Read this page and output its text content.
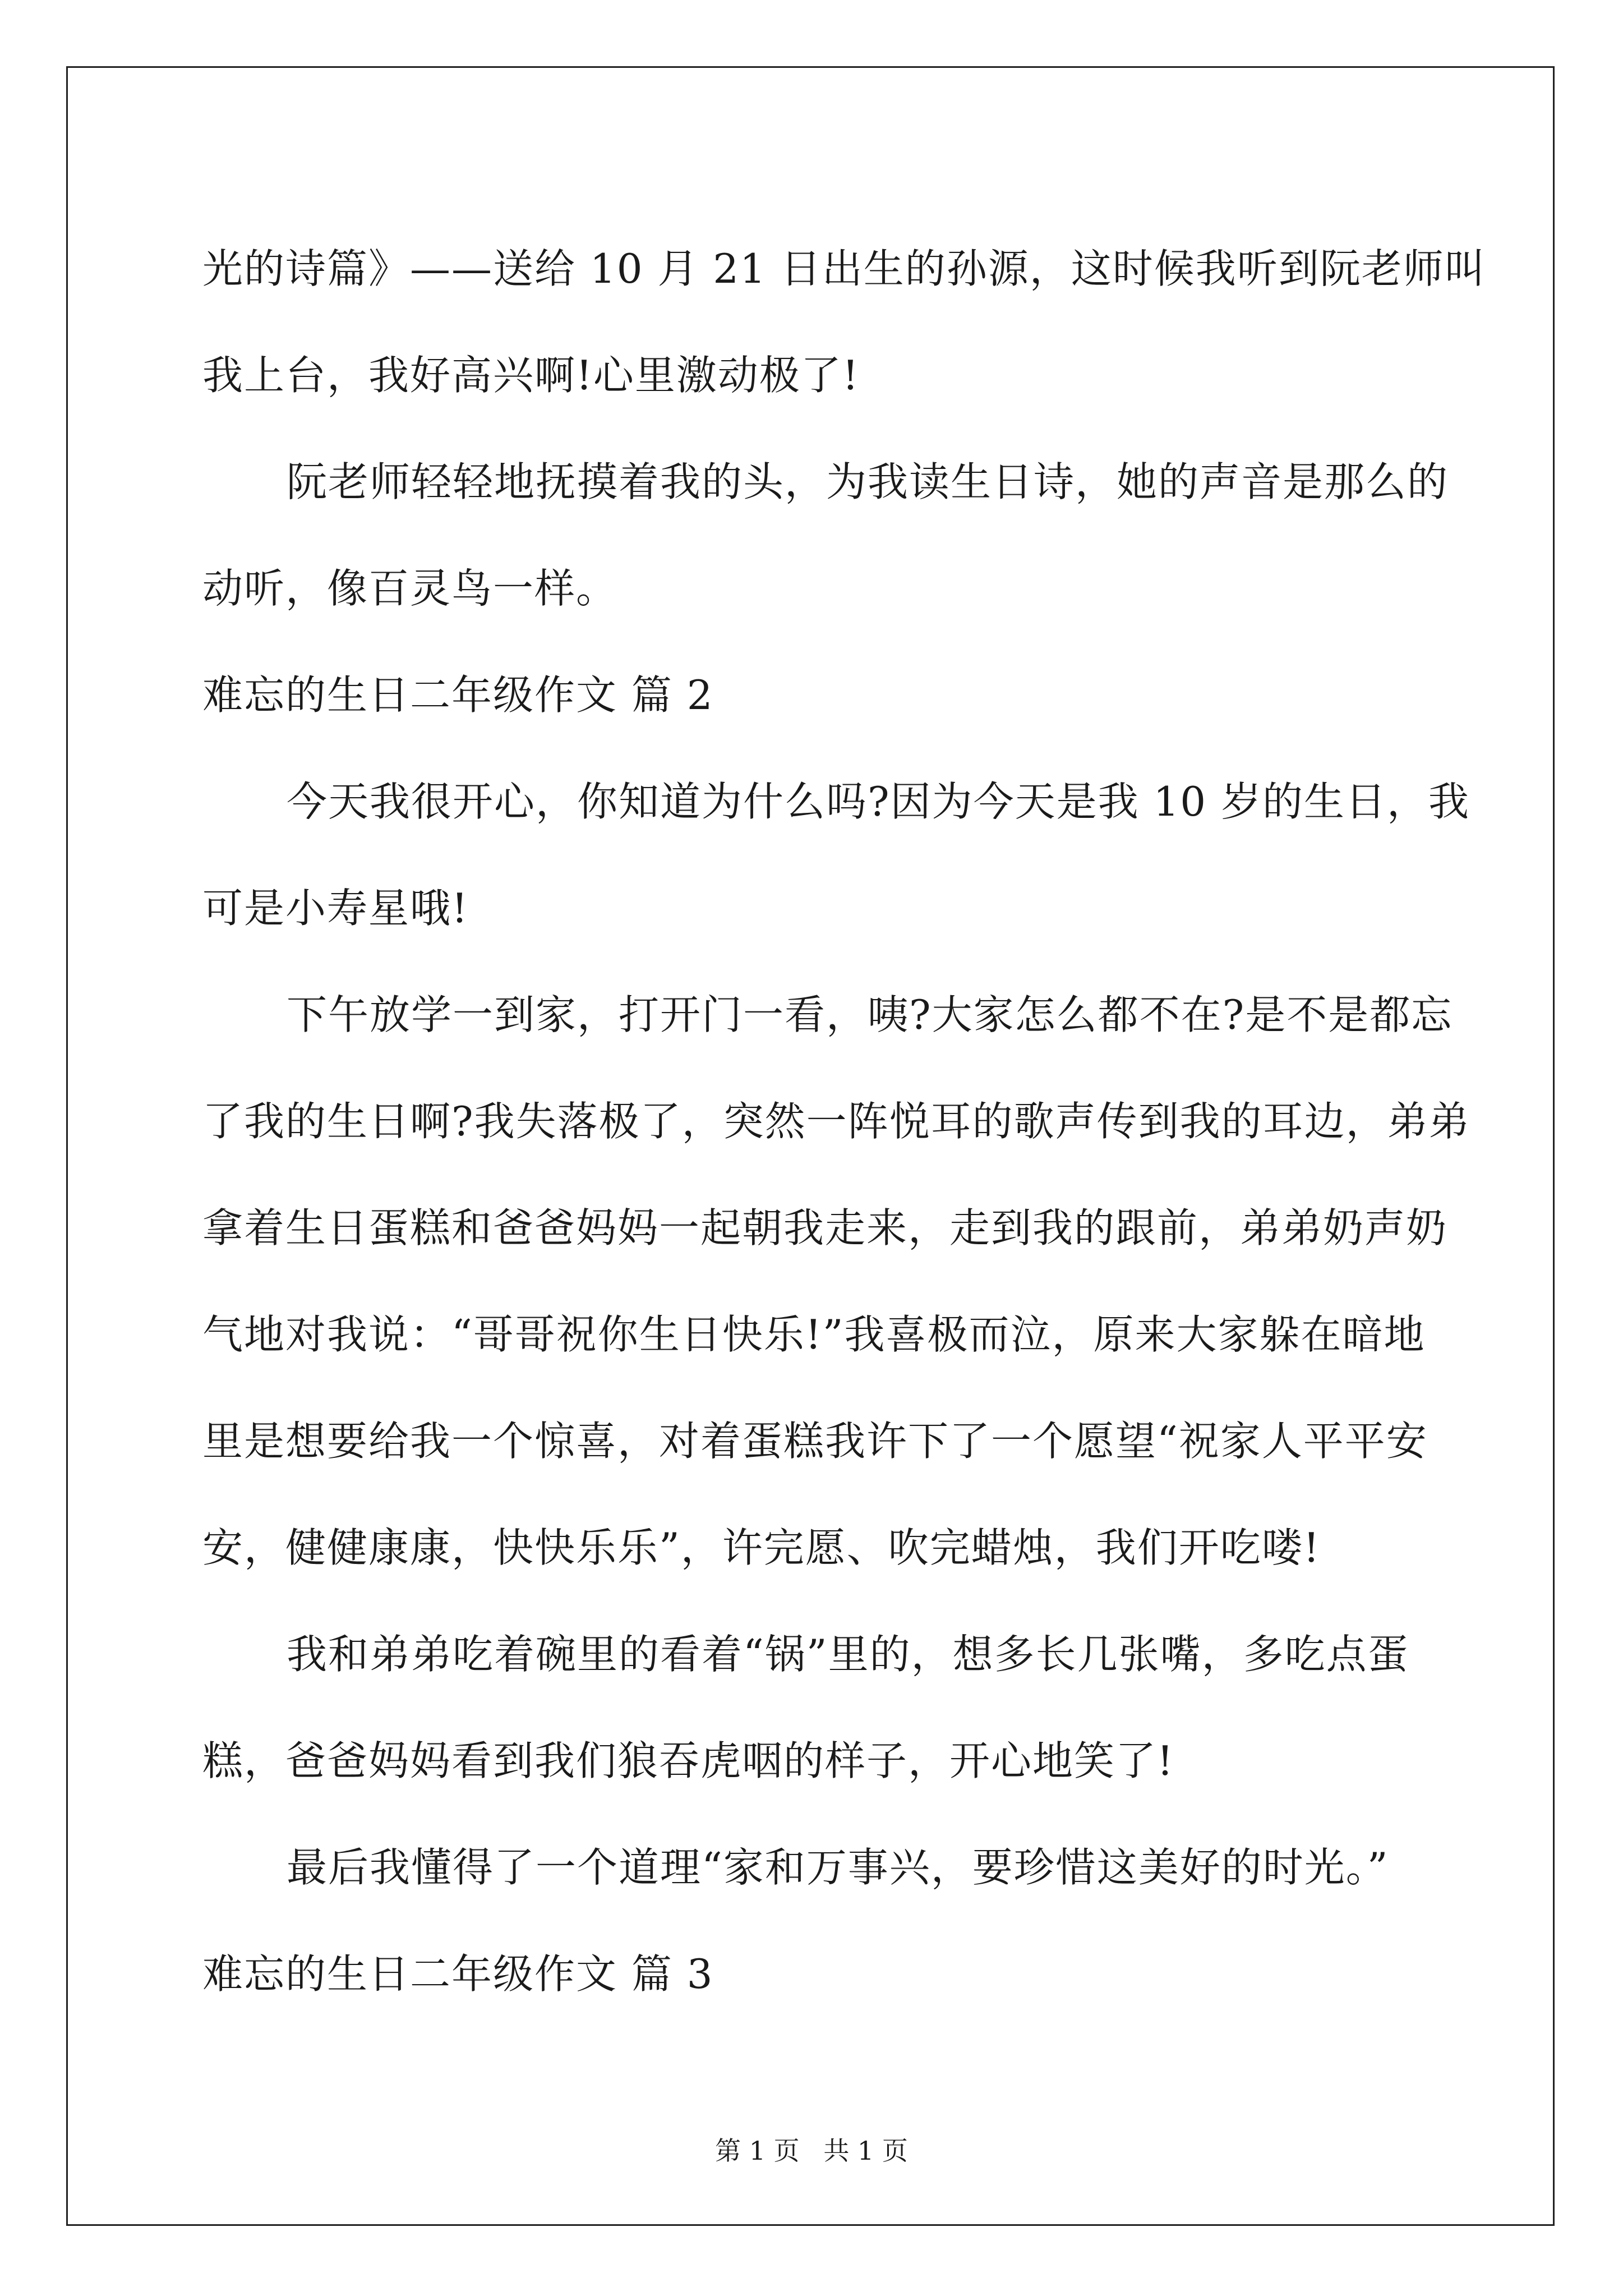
光的诗篇》——送给 10 月 21 日出生的孙源，这时候我听到阮老师叫
我上台，我好高兴啊!心里激动极了!
阮老师轻轻地抚摸着我的头，为我读生日诗，她的声音是那么的
动听，像百灵鸟一样。
难忘的生日二年级作文 篇 2
今天我很开心，你知道为什么吗?因为今天是我 10 岁的生日，我
可是小寿星哦!
下午放学一到家，打开门一看，咦?大家怎么都不在?是不是都忘
了我的生日啊?我失落极了，突然一阵悦耳的歌声传到我的耳边，弟弟
拿着生日蛋糕和爸爸妈妈一起朝我走来，走到我的跟前，弟弟奶声奶
气地对我说：“哥哥祝你生日快乐!”我喜极而泣，原来大家躲在暗地
里是想要给我一个惊喜，对着蛋糕我许下了一个愿望“祝家人平平安
安，健健康康，快快乐乐”，许完愿、吹完蜡烛，我们开吃喽!
我和弟弟吃着碗里的看着“锅”里的，想多长几张嘴，多吃点蛋
糕，爸爸妈妈看到我们狼吞虎咽的样子，开心地笑了!
最后我懂得了一个道理“家和万事兴，要珍惜这美好的时光。”
难忘的生日二年级作文 篇 3
第 1 页 共 1 页
